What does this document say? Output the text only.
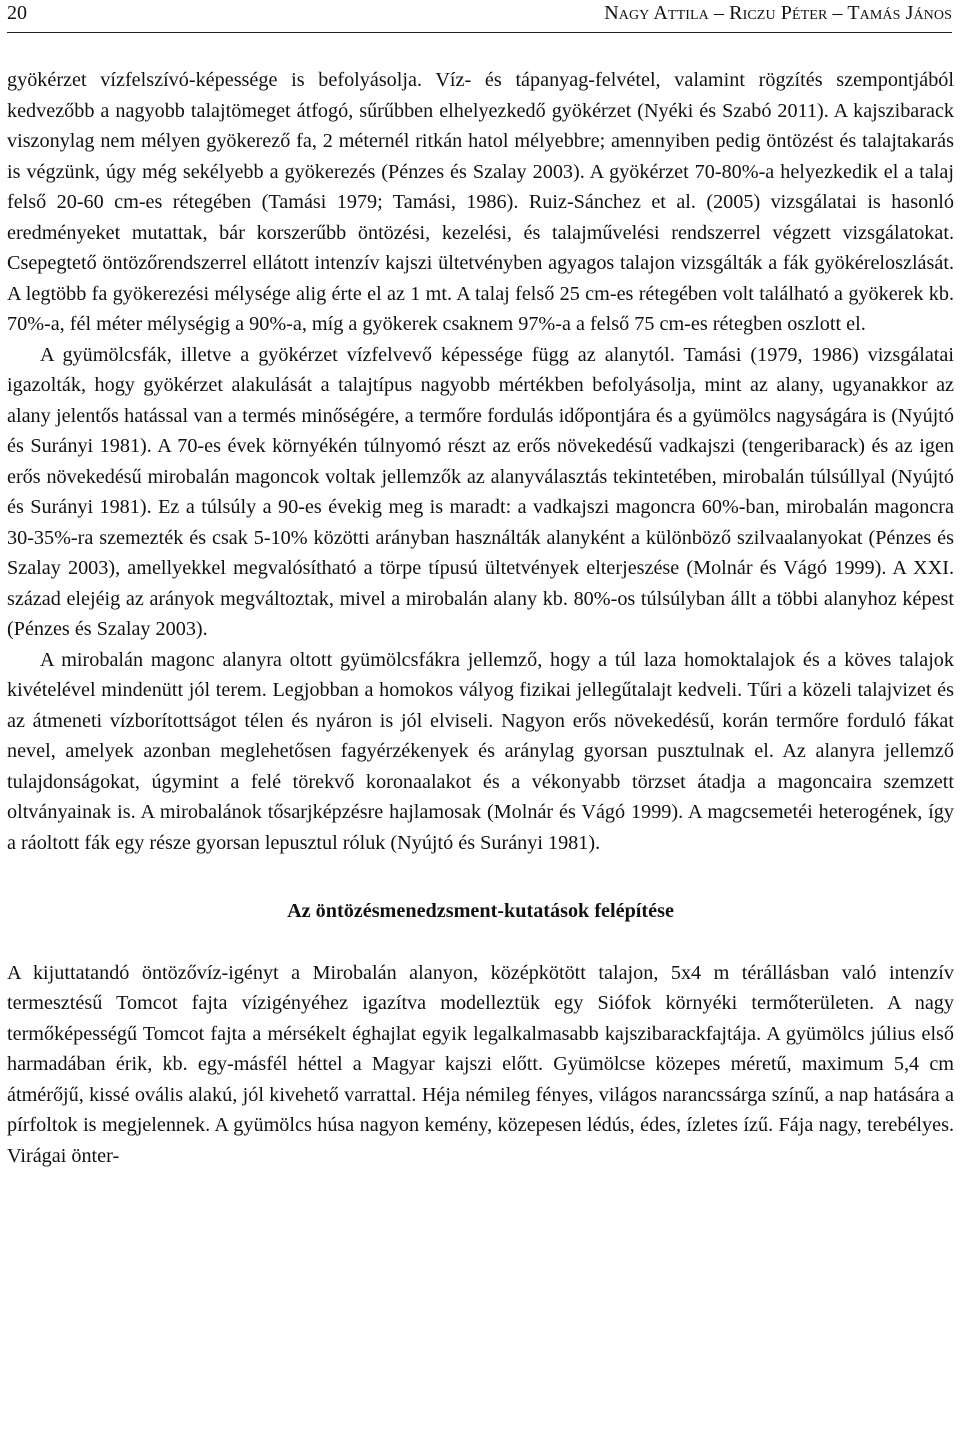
20	Nagy Attila – Riczu Péter – Tamás János

gyökérzet vízfelszívó-képessége is befolyásolja. Víz- és tápanyag-felvétel, valamint rögzítés szempontjából kedvezőbb a nagyobb talajtömeget átfogó, sűrűbben elhelyezkedő gyökérzet (Nyéki és Szabó 2011). A kajszibarack viszonylag nem mélyen gyökerező fa, 2 méternél ritkán hatol mélyebbre; amennyiben pedig öntözést és talajtakarás is végzünk, úgy még sekélyebb a gyökerezés (Pénzes és Szalay 2003). A gyökérzet 70-80%-a helyezkedik el a talaj felső 20-60 cm-es rétegében (Tamási 1979; Tamási, 1986). Ruiz-Sánchez et al. (2005) vizsgálatai is hasonló eredményeket mutattak, bár korszerűbb öntözési, kezelési, és talajművelési rendszerrel végzett vizsgálatokat. Csepegtető öntözőrendszerrel ellátott intenzív kajszi ültetvényben agyagos talajon vizsgálták a fák gyökéreloszlását. A legtöbb fa gyökerezési mélysége alig érte el az 1 mt. A talaj felső 25 cm-es rétegében volt található a gyökerek kb. 70%-a, fél méter mélységig a 90%-a, míg a gyökerek csaknem 97%-a a felső 75 cm-es rétegben oszlott el.

A gyümölcsfák, illetve a gyökérzet vízfelvevő képessége függ az alanytól. Tamási (1979, 1986) vizsgálatai igazolták, hogy gyökérzet alakulását a talajtípus nagyobb mértékben befolyásolja, mint az alany, ugyanakkor az alany jelentős hatással van a termés minőségére, a termőre fordulás időpontjára és a gyümölcs nagyságára is (Nyújtó és Surányi 1981). A 70-es évek környékén túlnyomó részt az erős növekedésű vadkajszi (tengeribarack) és az igen erős növekedésű mirobalán magoncok voltak jellemzők az alanyválasztás tekintetében, mirobalán túlsúllyal (Nyújtó és Surányi 1981). Ez a túlsúly a 90-es évekig meg is maradt: a vadkajszi magoncra 60%-ban, mirobalán magoncra 30-35%-ra szemezték és csak 5-10% közötti arányban használták alanyként a különböző szilvaalanyokat (Pénzes és Szalay 2003), amellyekkel megvalósítható a törpe típusú ültetvények elterjeszése (Molnár és Vágó 1999). A XXI. század elejéig az arányok megváltoztak, mivel a mirobalán alany kb. 80%-os túlsúlyban állt a többi alanyhoz képest (Pénzes és Szalay 2003).

A mirobalán magonc alanyra oltott gyümölcsfákra jellemző, hogy a túl laza homoktalajok és a köves talajok kivételével mindenütt jól terem. Legjobban a homokos vályog fizikai jellegűtalajt kedveli. Tűri a közeli talajvizet és az átmeneti vízborítottságot télen és nyáron is jól elviseli. Nagyon erős növekedésű, korán termőre forduló fákat nevel, amelyek azonban meglehetősen fagyérzékenyek és aránylag gyorsan pusztulnak el. Az alanyra jellemző tulajdonságokat, úgymint a felé törekvő koronaalakot és a vékonyabb törzset átadja a magoncaira szemzett oltványainak is. A mirobalánok tősarjképzésre hajlamosak (Molnár és Vágó 1999). A magcsemetéi heterogének, így a ráoltott fák egy része gyorsan lepusztul róluk (Nyújtó és Surányi 1981).

Az öntözésmenedzsment-kutatások felépítése

A kijuttatandó öntözővíz-igényt a Mirobalán alanyon, középkötött talajon, 5x4 m térállásban való intenzív termesztésű Tomcot fajta vízigényéhez igazítva modelleztük egy Siófok környéki termőterületen. A nagy termőképességű Tomcot fajta a mérsékelt éghajlat egyik legalkalmasabb kajszibarackfajtája. A gyümölcs július első harmadában érik, kb. egy-másfél héttel a Magyar kajszi előtt. Gyümölcse közepes méretű, maximum 5,4 cm átmérőjű, kissé ovális alakú, jól kivehető varrattal. Héja némileg fényes, világos narancssárga színű, a nap hatására a pírfoltok is megjelennek. A gyümölcs húsa nagyon kemény, közepesen lédús, édes, ízletes ízű. Fája nagy, terebélyes. Virágai önter-
